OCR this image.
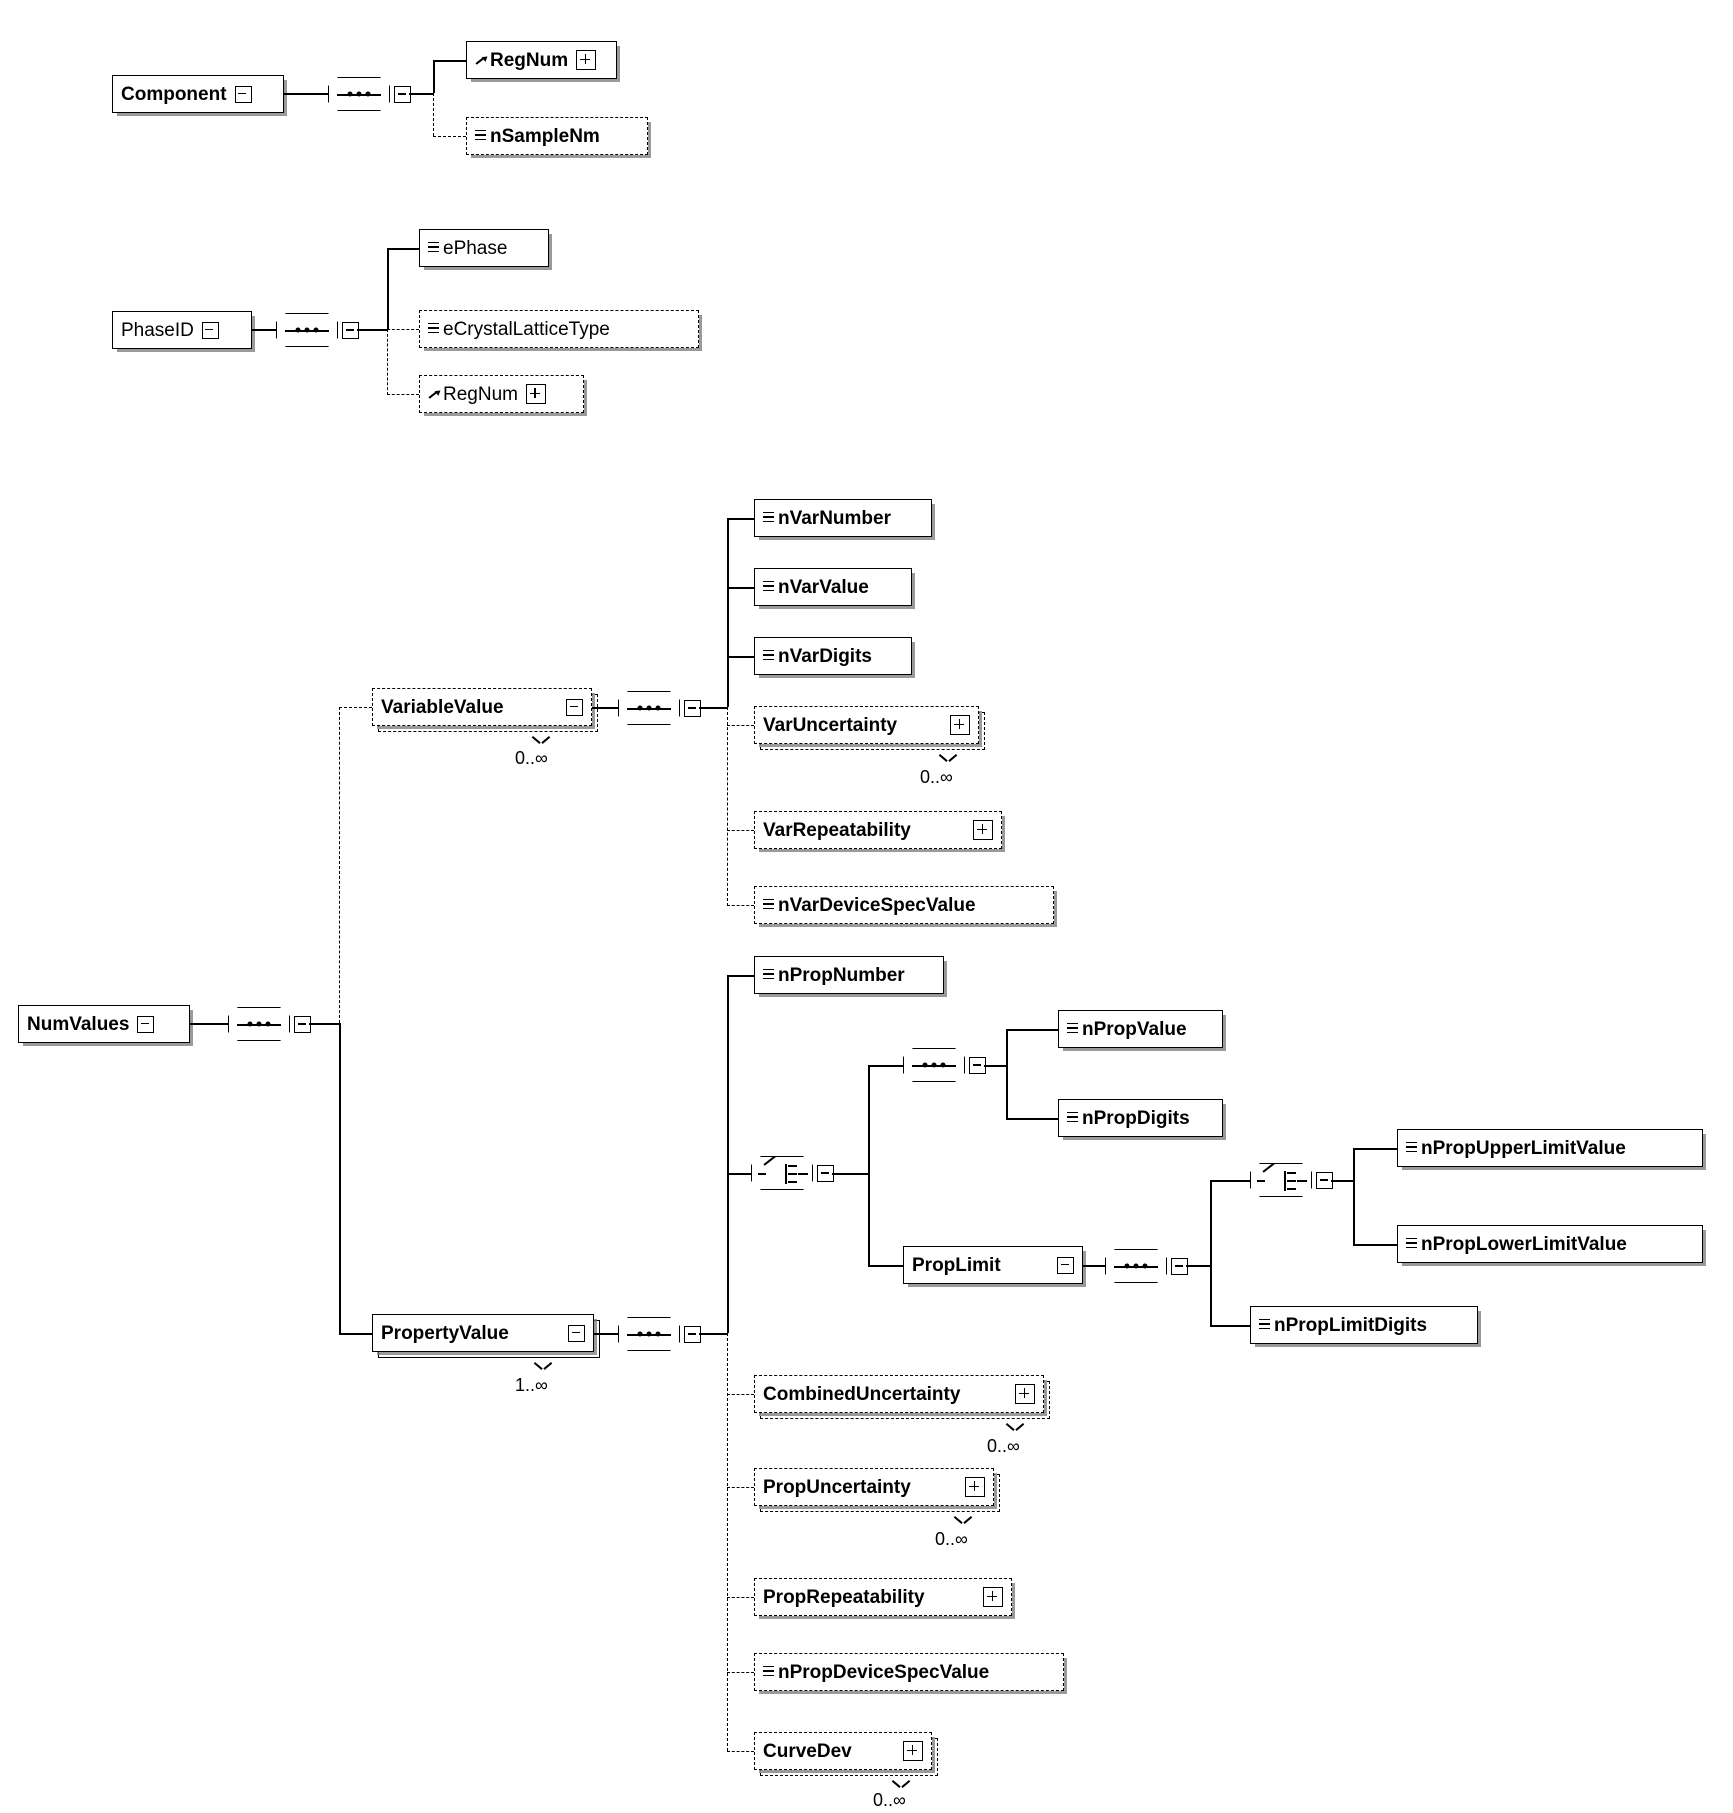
Component
RegNum
nSampleNm
PhaseID
ePhase
eCrystalLatticeType
RegNum
NumValues
VariableValue
0..∞
nVarNumber
nVarValue
nVarDigits
VarUncertainty
0..∞
VarRepeatability
nVarDeviceSpecValue
PropertyValue
1..∞
nPropNumber
nPropValue
nPropDigits
PropLimit
nPropUpperLimitValue
nPropLowerLimitValue
nPropLimitDigits
CombinedUncertainty
0..∞
PropUncertainty
0..∞
PropRepeatability
nPropDeviceSpecValue
CurveDev
0..∞
